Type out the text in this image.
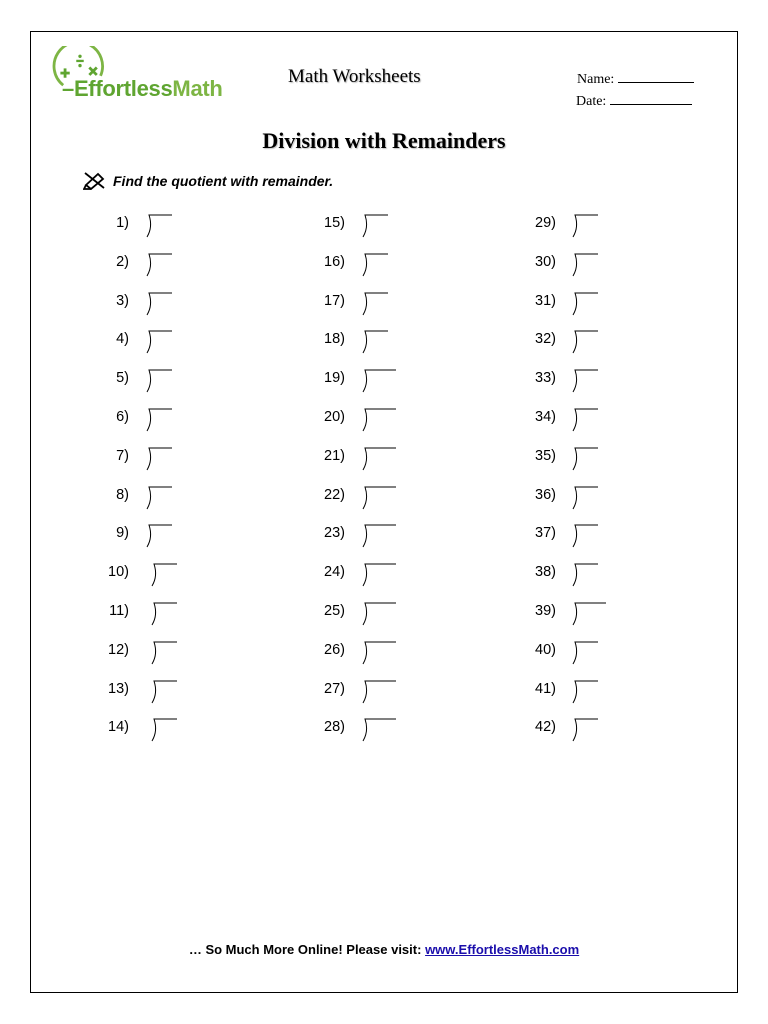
–EffortlessMath	Math Worksheets	Name:
Date:
Division with Remainders
Find the quotient with remainder.
1)
2)
3)
4)
5)
6)
7)
8)
9)
10)
11)
12)
13)
14)
15)
16)
17)
18)
19)
20)
21)
22)
23)
24)
25)
26)
27)
28)
29)
30)
31)
32)
33)
34)
35)
36)
37)
38)
39)
40)
41)
42)
… So Much More Online! Please visit: www.EffortlessMath.com
